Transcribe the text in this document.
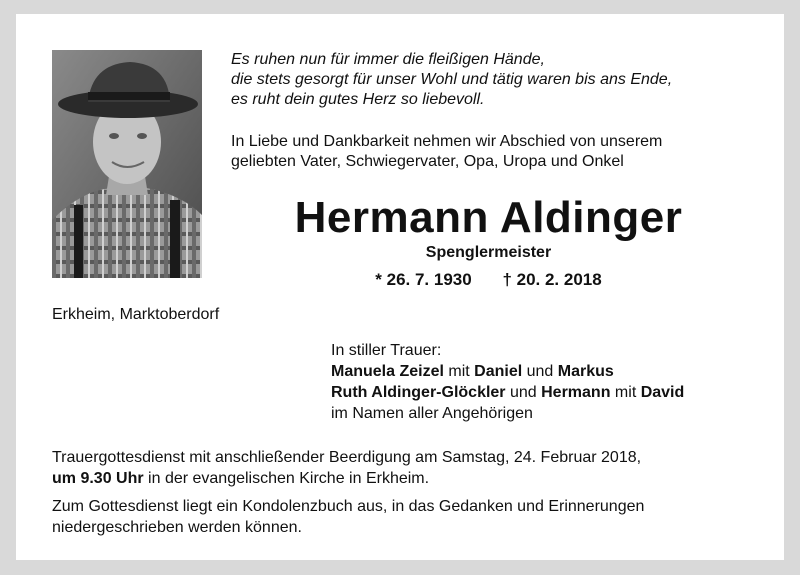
Es ruhen nun für immer die fleißigen Hände,
die stets gesorgt für unser Wohl und tätig waren bis ans Ende,
es ruht dein gutes Herz so liebevoll.
In Liebe und Dankbarkeit nehmen wir Abschied von unserem
geliebten Vater, Schwiegervater, Opa, Uropa und Onkel
Hermann Aldinger
Spenglermeister
* 26. 7. 1930 † 20. 2. 2018
Erkheim, Marktoberdorf
In stiller Trauer:
Manuela Zeizel mit Daniel und Markus
Ruth Aldinger-Glöckler und Hermann mit David
im Namen aller Angehörigen
Trauergottesdienst mit anschließender Beerdigung am Samstag, 24. Februar 2018,
um 9.30 Uhr in der evangelischen Kirche in Erkheim.
Zum Gottesdienst liegt ein Kondolenzbuch aus, in das Gedanken und Erinnerungen
niedergeschrieben werden können.
